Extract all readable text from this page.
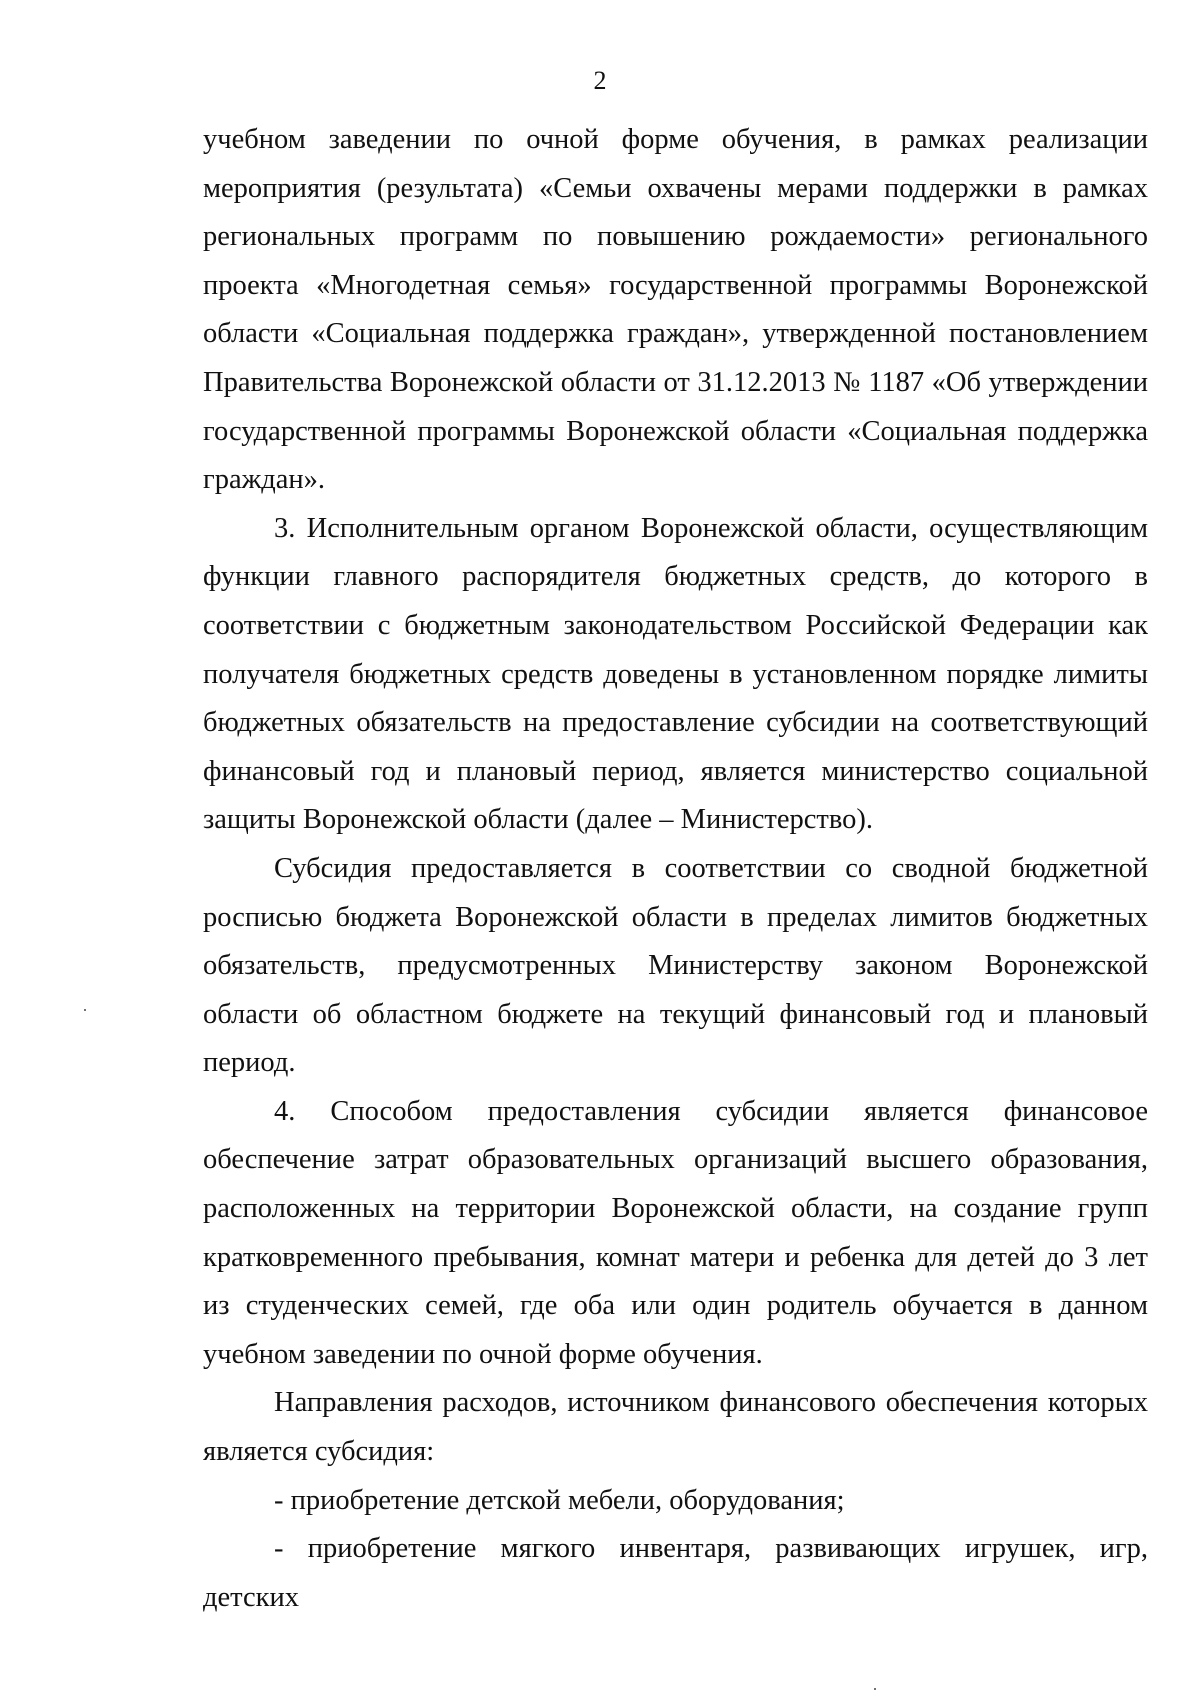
2

учебном заведении по очной форме обучения, в рамках реализации мероприятия (результата) «Семьи охвачены мерами поддержки в рамках региональных программ по повышению рождаемости» регионального проекта «Многодетная семья» государственной программы Воронежской области «Социальная поддержка граждан», утвержденной постановлением Правительства Воронежской области от 31.12.2013 № 1187 «Об утверждении государственной программы Воронежской области «Социальная поддержка граждан».

3. Исполнительным органом Воронежской области, осуществляющим функции главного распорядителя бюджетных средств, до которого в соответствии с бюджетным законодательством Российской Федерации как получателя бюджетных средств доведены в установленном порядке лимиты бюджетных обязательств на предоставление субсидии на соответствующий финансовый год и плановый период, является министерство социальной защиты Воронежской области (далее – Министерство).

Субсидия предоставляется в соответствии со сводной бюджетной росписью бюджета Воронежской области в пределах лимитов бюджетных обязательств, предусмотренных Министерству законом Воронежской области об областном бюджете на текущий финансовый год и плановый период.

4. Способом предоставления субсидии является финансовое обеспечение затрат образовательных организаций высшего образования, расположенных на территории Воронежской области, на создание групп кратковременного пребывания, комнат матери и ребенка для детей до 3 лет из студенческих семей, где оба или один родитель обучается в данном учебном заведении по очной форме обучения.

Направления расходов, источником финансового обеспечения которых является субсидия:

- приобретение детской мебели, оборудования;

- приобретение мягкого инвентаря, развивающих игрушек, игр, детских
